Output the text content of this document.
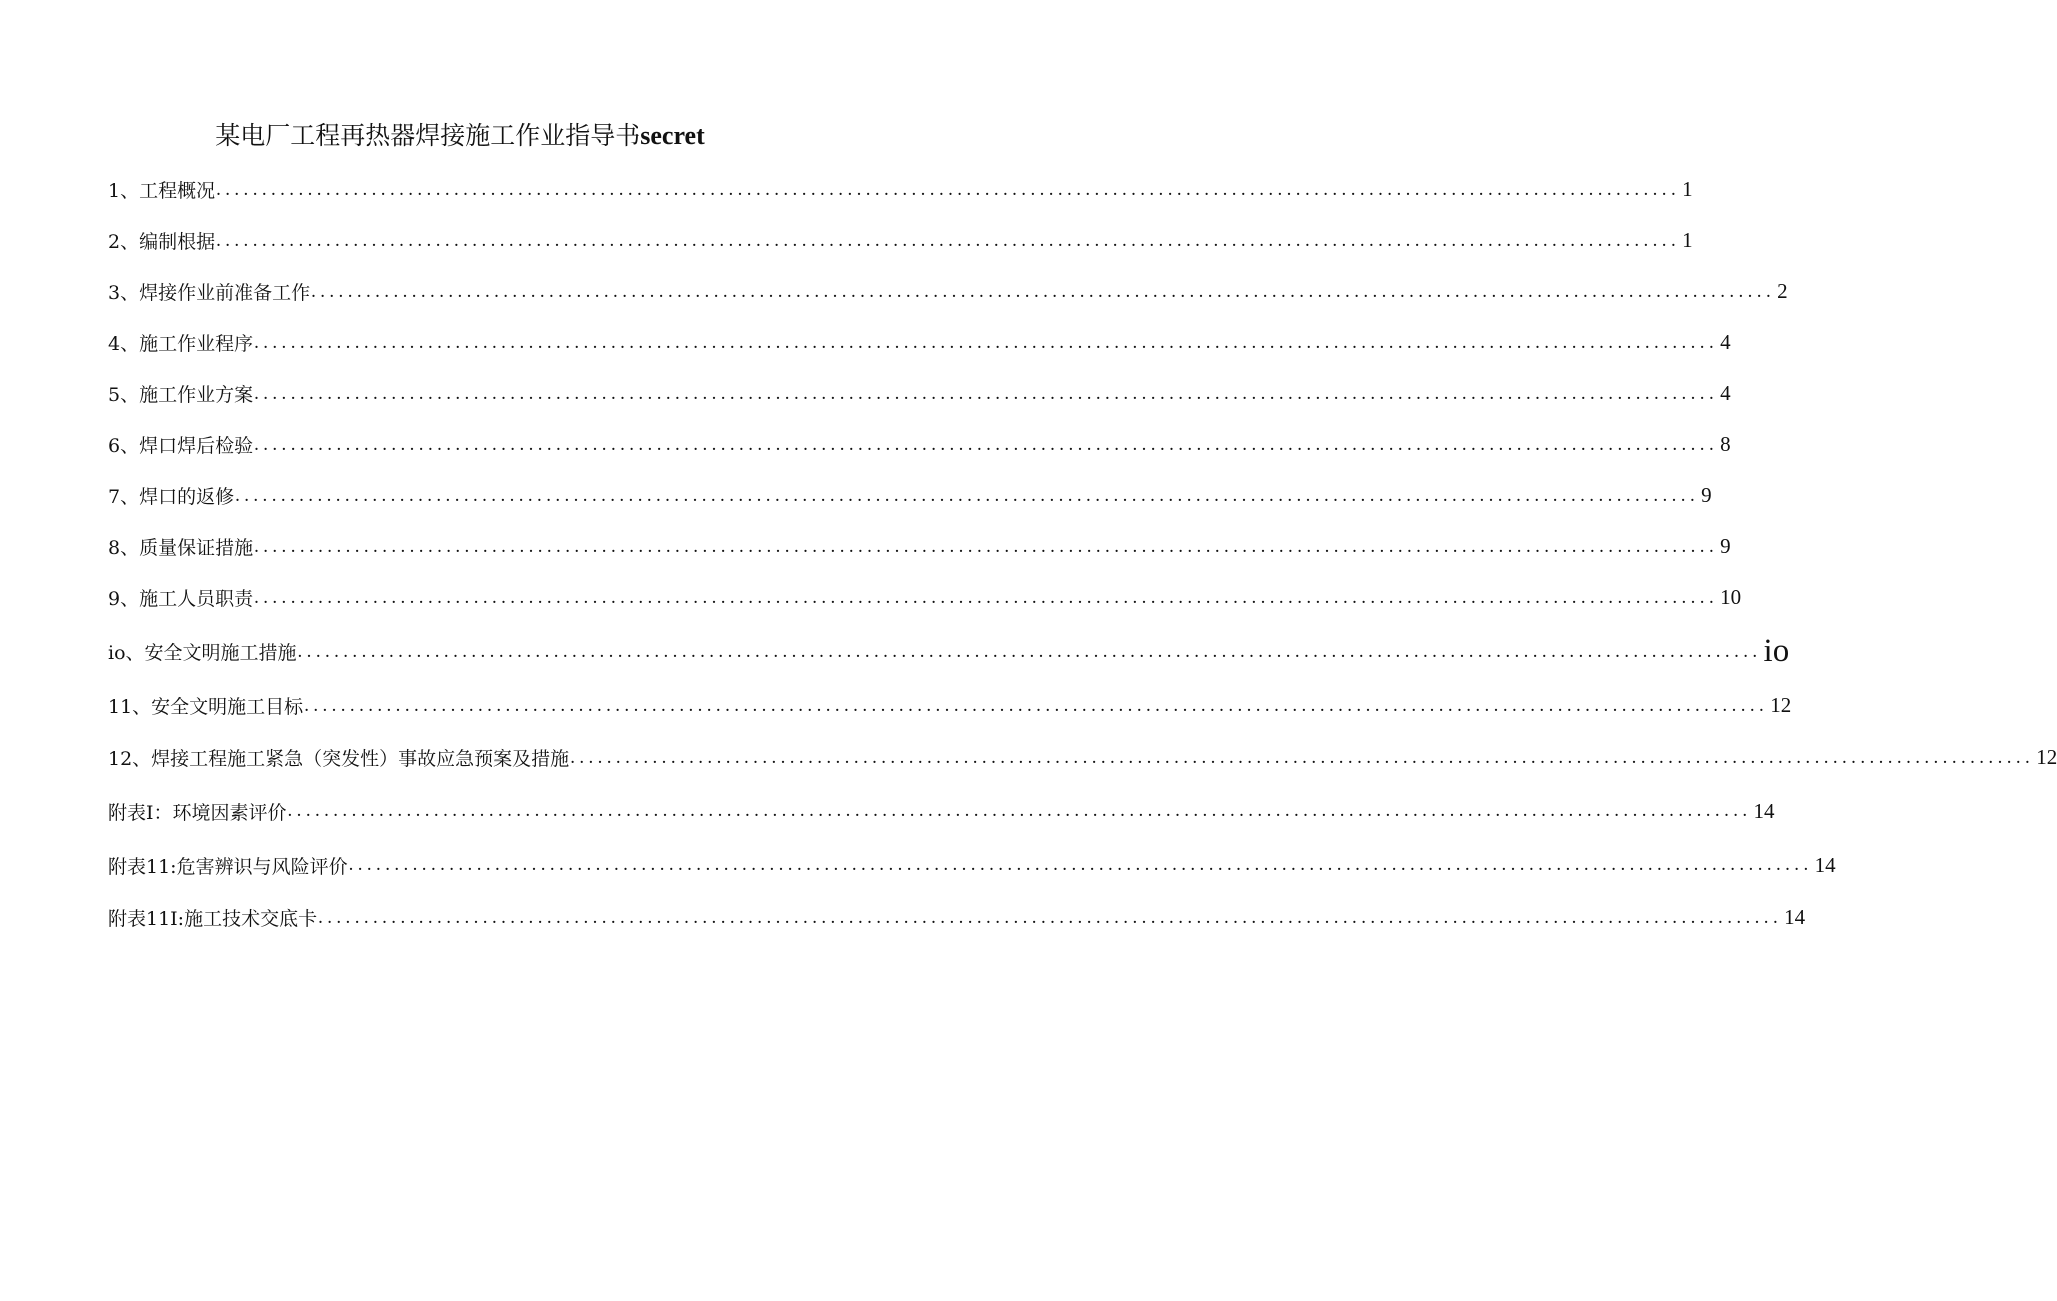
某电厂工程再热器焊接施工作业指导书secret
1、工程概况 ................................................................................................................................................................ 1
2、编制根据 ................................................................................................................................................................ 1
3、焊接作业前准备工作 ................................................................................................................................................................ 2
4、施工作业程序 ................................................................................................................................................................ 4
5、施工作业方案 ................................................................................................................................................................ 4
6、焊口焊后检验 ................................................................................................................................................................ 8
7、焊口的返修 ................................................................................................................................................................ 9
8、质量保证措施 ................................................................................................................................................................ 9
9、施工人员职责 ................................................................................................................................................................ 10
io、安全文明施工措施 ................................................................................................................................................................ io
11、安全文明施工目标 ................................................................................................................................................................ 12
12、焊接工程施工紧急（突发性）事故应急预案及措施 ................................................................................................................................................................ 12
附表I：环境因素评价 ................................................................................................................................................................ 14
附表11:危害辨识与风险评价 ................................................................................................................................................................ 14
附表11I:施工技术交底卡 ................................................................................................................................................................ 14
